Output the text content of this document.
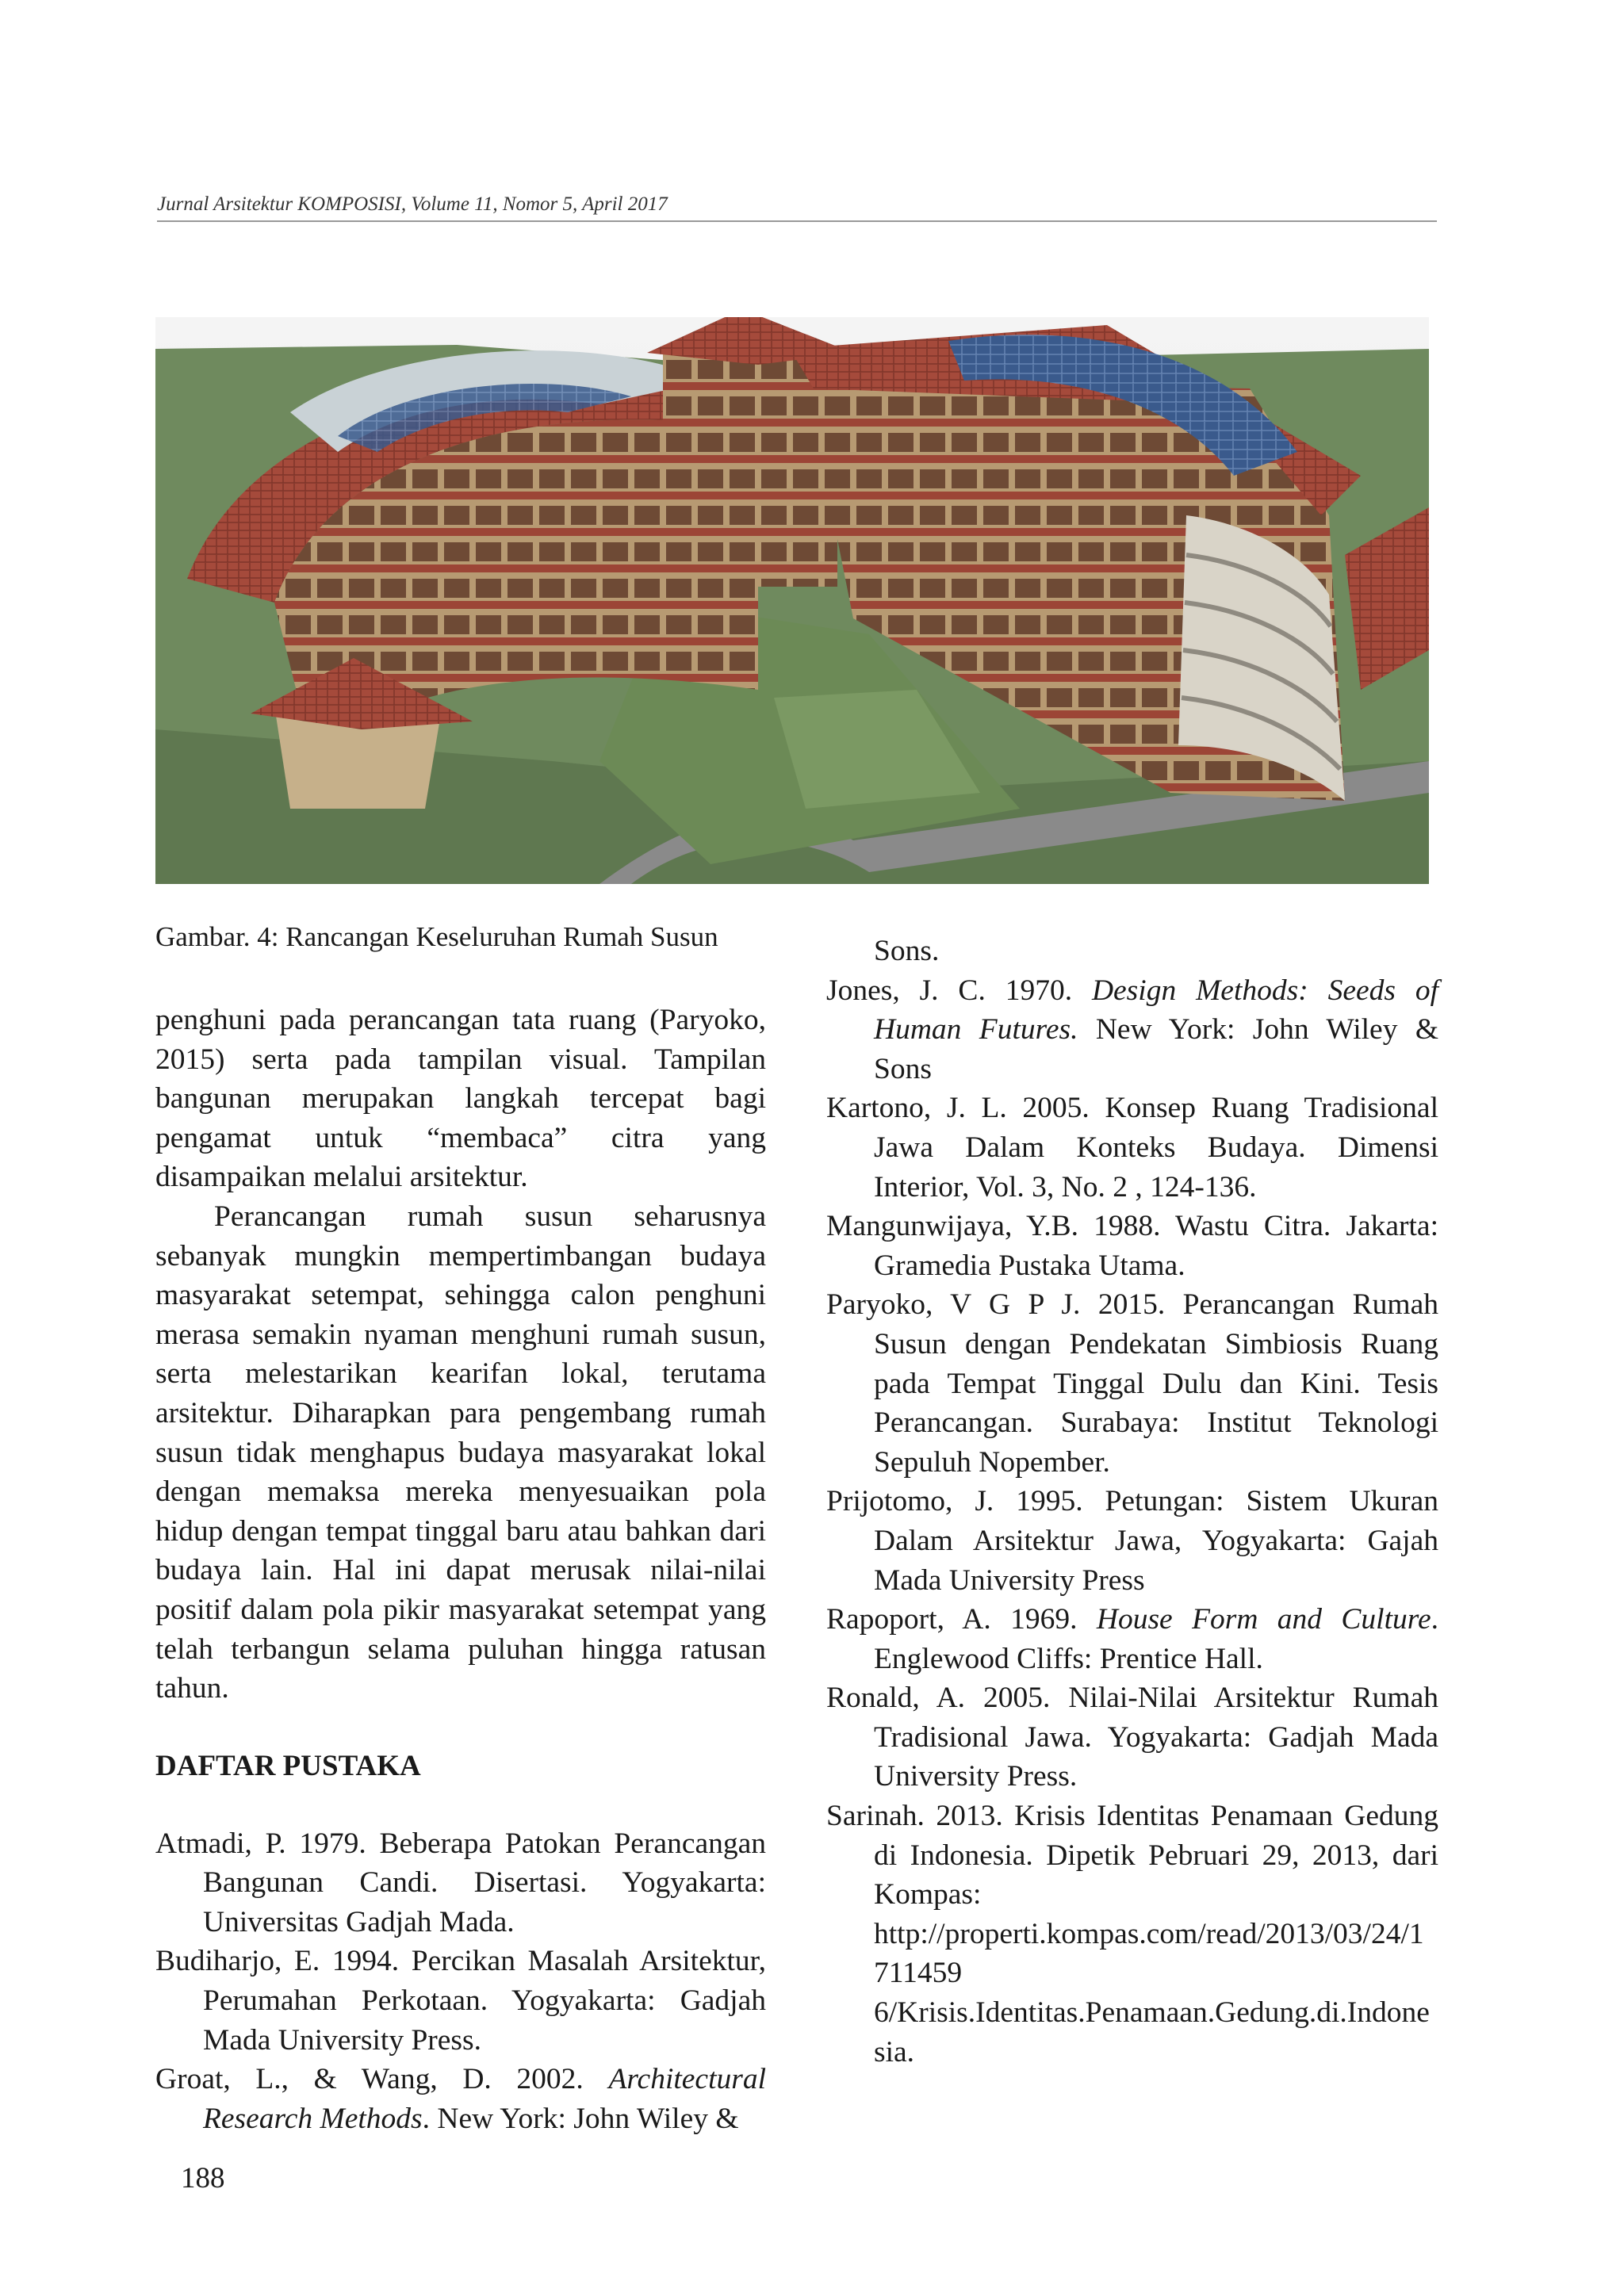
Jurnal Arsitektur KOMPOSISI, Volume 11, Nomor 5, April 2017
Gambar. 4: Rancangan Keseluruhan Rumah Susun

penghuni pada perancangan tata ruang (Paryoko, 2015) serta pada tampilan visual. Tampilan bangunan merupakan langkah tercepat bagi pengamat untuk “membaca” citra yang disampaikan melalui arsitektur.

Perancangan rumah susun seharusnya sebanyak mungkin mempertimbangan budaya masyarakat setempat, sehingga calon penghuni merasa semakin nyaman menghuni rumah susun, serta melestarikan kearifan lokal, terutama arsitektur. Diharapkan para pengembang rumah susun tidak menghapus budaya masyarakat lokal dengan memaksa mereka menyesuaikan pola hidup dengan tempat tinggal baru atau bahkan dari budaya lain. Hal ini dapat merusak nilai-nilai positif dalam pola pikir masyarakat setempat yang telah terbangun selama puluhan hingga ratusan tahun.

DAFTAR PUSTAKA

Atmadi, P. 1979. Beberapa Patokan Perancangan Bangunan Candi. Disertasi. Yogyakarta: Universitas Gadjah Mada.

Budiharjo, E. 1994. Percikan Masalah Arsitektur, Perumahan Perkotaan. Yogyakarta: Gadjah Mada University Press.

Groat, L., & Wang, D. 2002. Architectural Research Methods. New York: John Wiley &

Sons.

Jones, J. C. 1970. Design Methods: Seeds of Human Futures. New York: John Wiley & Sons

Kartono, J. L. 2005. Konsep Ruang Tradisional Jawa Dalam Konteks Budaya. Dimensi Interior, Vol. 3, No. 2 , 124-136.

Mangunwijaya, Y.B. 1988. Wastu Citra. Jakarta: Gramedia Pustaka Utama.

Paryoko, V G P J. 2015. Perancangan Rumah Susun dengan Pendekatan Simbiosis Ruang pada Tempat Tinggal Dulu dan Kini. Tesis Perancangan. Surabaya: Institut Teknologi Sepuluh Nopember.

Prijotomo, J. 1995. Petungan: Sistem Ukuran Dalam Arsitektur Jawa, Yogyakarta: Gajah Mada University Press

Rapoport, A. 1969. House Form and Culture. Englewood Cliffs: Prentice Hall.

Ronald, A. 2005. Nilai-Nilai Arsitektur Rumah Tradisional Jawa. Yogyakarta: Gadjah Mada University Press.

Sarinah. 2013. Krisis Identitas Penamaan Gedung di Indonesia. Dipetik Pebruari 29, 2013, dari Kompas: http://properti.kompas.com/read/2013/03/24/1711459​6/Krisis.Identitas.Penamaan.Gedung.di.Indonesia.

188
